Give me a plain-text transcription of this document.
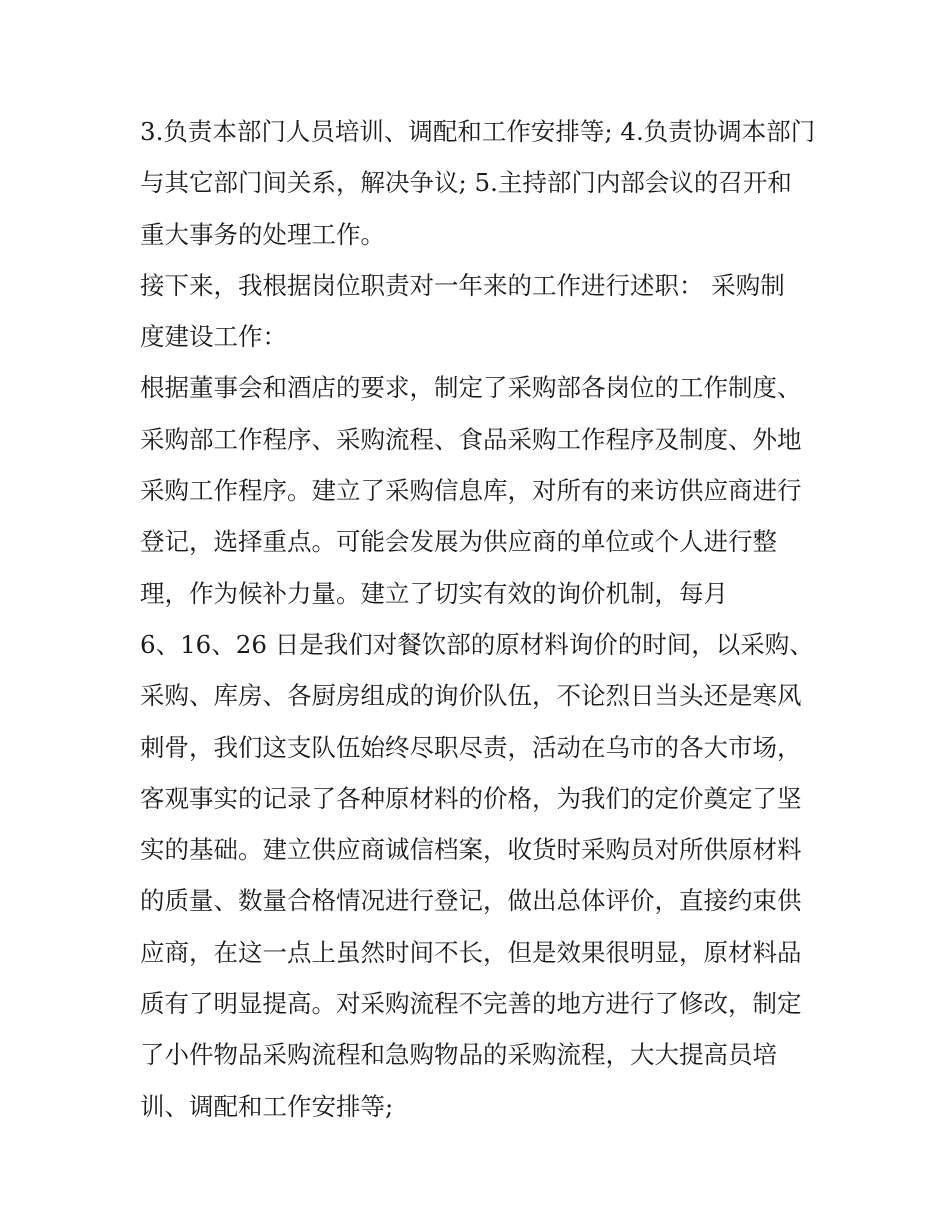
3.负责本部门人员培训、调配和工作安排等; 4.负责协调本部门
与其它部门间关系，解决争议; 5.主持部门内部会议的召开和
重大事务的处理工作。
接下来，我根据岗位职责对一年来的工作进行述职： 采购制
度建设工作：
根据董事会和酒店的要求，制定了采购部各岗位的工作制度、
采购部工作程序、采购流程、食品采购工作程序及制度、外地
采购工作程序。建立了采购信息库，对所有的来访供应商进行
登记，选择重点。可能会发展为供应商的单位或个人进行整
理，作为候补力量。建立了切实有效的询价机制，每月
6、16、26 日是我们对餐饮部的原材料询价的时间，以采购、
采购、库房、各厨房组成的询价队伍，不论烈日当头还是寒风
刺骨，我们这支队伍始终尽职尽责，活动在乌市的各大市场，
客观事实的记录了各种原材料的价格，为我们的定价奠定了坚
实的基础。建立供应商诚信档案，收货时采购员对所供原材料
的质量、数量合格情况进行登记，做出总体评价，直接约束供
应商，在这一点上虽然时间不长，但是效果很明显，原材料品
质有了明显提高。对采购流程不完善的地方进行了修改，制定
了小件物品采购流程和急购物品的采购流程，大大提高员培
训、调配和工作安排等;
